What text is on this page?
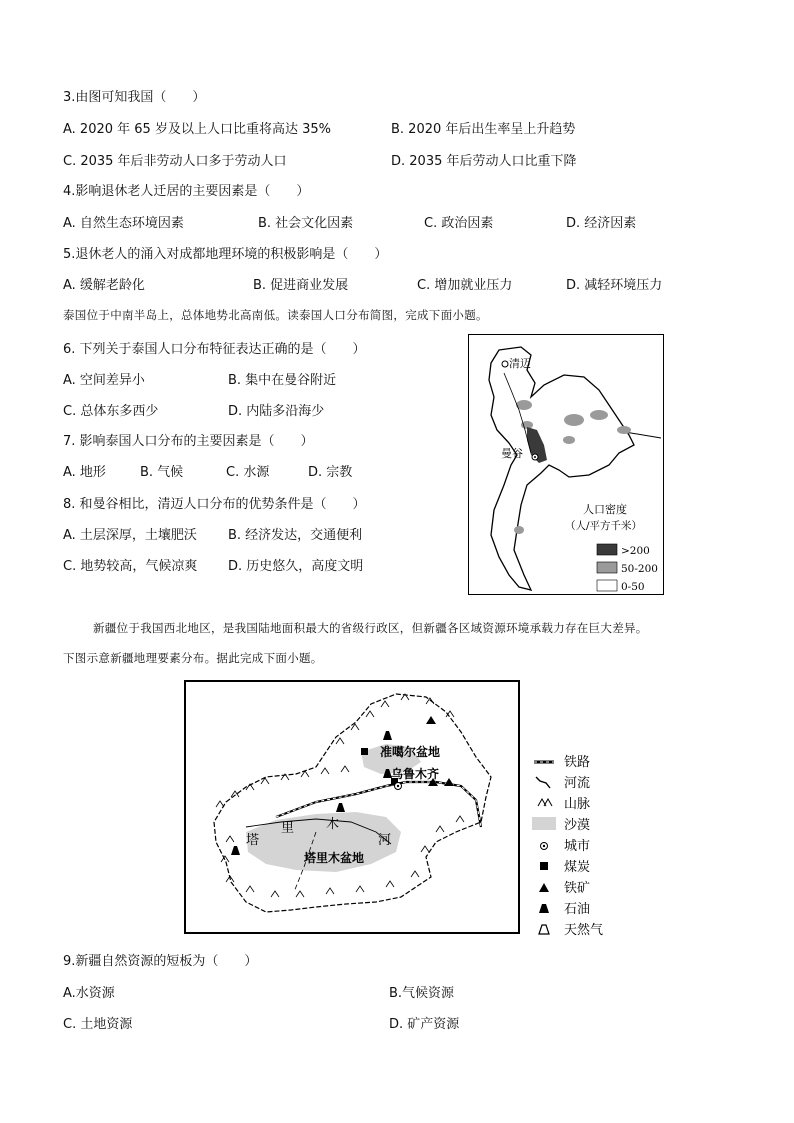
3.由图可知我国（　　）
A. 2020 年 65 岁及以上人口比重将高达 35%	B. 2020 年后出生率呈上升趋势
C. 2035 年后非劳动人口多于劳动人口	D. 2035 年后劳动人口比重下降
4.影响退休老人迁居的主要因素是（　　）
A. 自然生态环境因素	B. 社会文化因素	C. 政治因素	D. 经济因素
5.退休老人的涌入对成都地理环境的积极影响是（　　）
A. 缓解老龄化	B. 促进商业发展	C. 增加就业压力	D. 减轻环境压力
泰国位于中南半岛上，总体地势北高南低。读泰国人口分布简图，完成下面小题。
6. 下列关于泰国人口分布特征表达正确的是（　　）
A. 空间差异小	B. 集中在曼谷附近
C. 总体东多西少	D. 内陆多沿海少
7. 影响泰国人口分布的主要因素是（　　）
A. 地形	B. 气候	C. 水源	D. 宗教
8. 和曼谷相比，清迈人口分布的优势条件是（　　）
A. 土层深厚，土壤肥沃 B. 经济发达，交通便利
C. 地势较高，气候凉爽 D. 历史悠久，高度文明
清迈
曼谷
人口密度
（人/平方千米）
>200
50-200
0-50
新疆位于我国西北地区，是我国陆地面积最大的省级行政区，但新疆各区域资源环境承载力存在巨大差异。
下图示意新疆地理要素分布。据此完成下面小题。
准噶尔盆地
乌鲁木齐
塔
里 木
河
塔里木盆地
铁路
河流
山脉
沙漠
城市
煤炭
铁矿
石油
天然气
9.新疆自然资源的短板为（　　）
A.水资源	B.气候资源
C. 土地资源	D. 矿产资源
